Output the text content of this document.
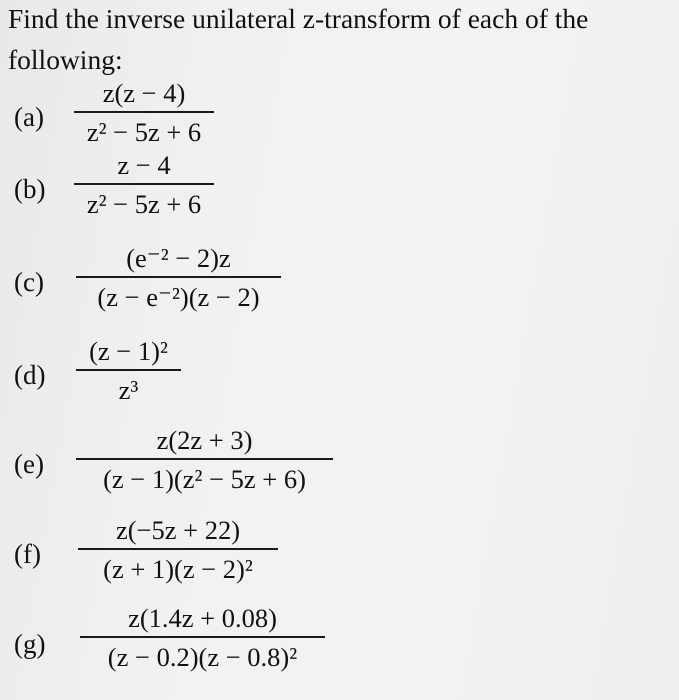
Find the inverse unilateral z-transform of each of the following:

(a)
z(z − 4)
z² − 5z + 6
(b)
z − 4
z² − 5z + 6
(c)
(e⁻² − 2)z
(z − e⁻²)(z − 2)
(d)
(z − 1)²
z³
(e)
z(2z + 3)
(z − 1)(z² − 5z + 6)
(f)
z(−5z + 22)
(z + 1)(z − 2)²
(g)
z(1.4z + 0.08)
(z − 0.2)(z − 0.8)²
